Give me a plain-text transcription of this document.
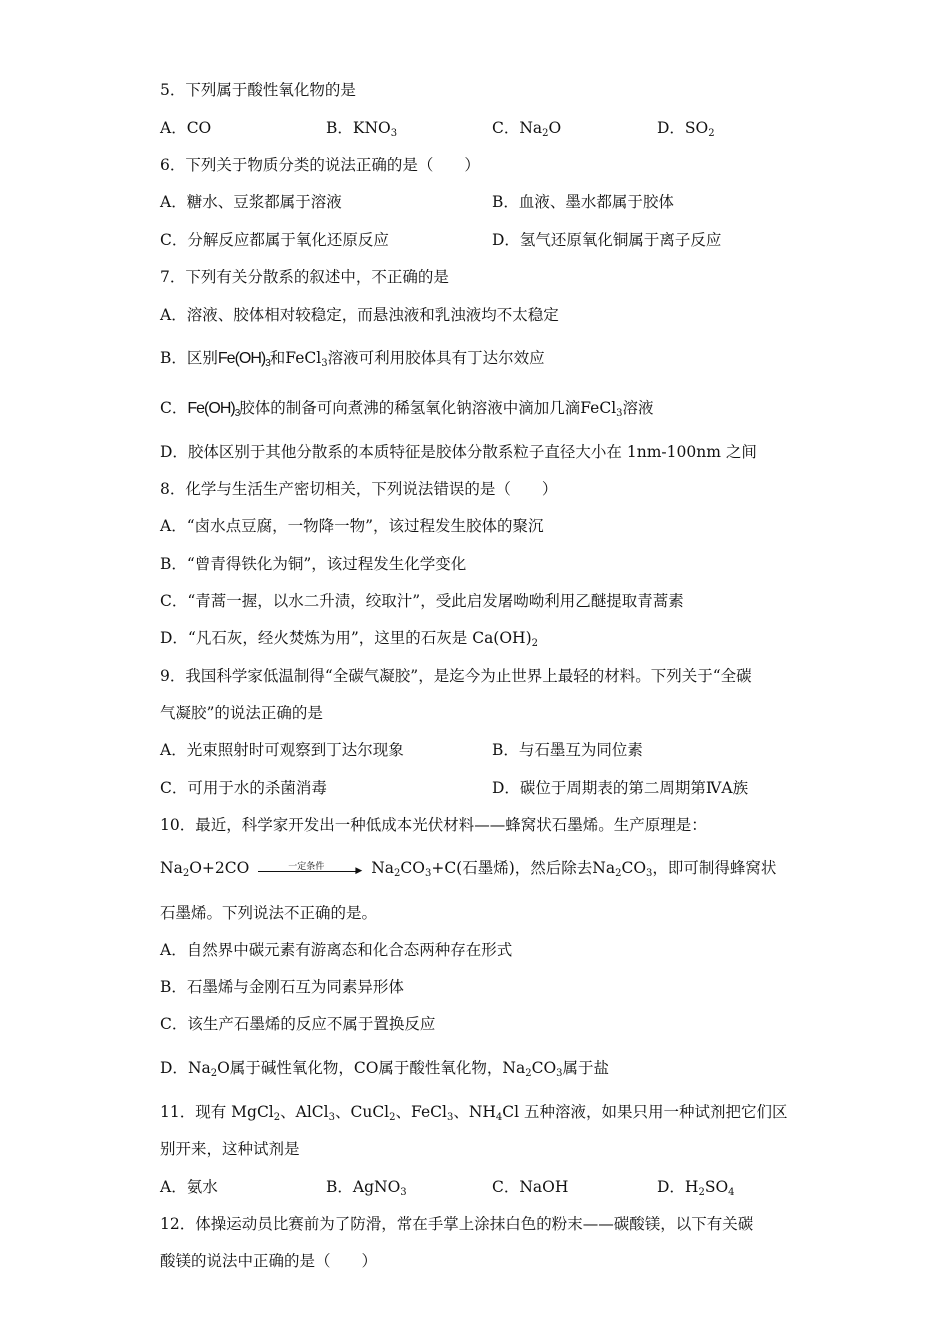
5．下列属于酸性氧化物的是
A．CO	B．$KNO_3$	C．$Na_2O$	D．$SO_2$
6．下列关于物质分类的说法正确的是（　　）
A．糖水、豆浆都属于溶液	B．血液、墨水都属于胶体
C．分解反应都属于氧化还原反应	D．氢气还原氧化铜属于离子反应
7．下列有关分散系的叙述中，不正确的是
A．溶液、胶体相对较稳定，而悬浊液和乳浊液均不太稳定
B．区别$Fe(OH)_3$和FeCl$_3$溶液可利用胶体具有丁达尔效应
C．$Fe(OH)_3$胶体的制备可向煮沸的稀氢氧化钠溶液中滴加几滴FeCl$_3$溶液
D．胶体区别于其他分散系的本质特征是胶体分散系粒子直径大小在 1nm-100nm 之间
8．化学与生活生产密切相关，下列说法错误的是（　　）
A．“卤水点豆腐，一物降一物”，该过程发生胶体的聚沉
B．“曾青得铁化为铜”，该过程发生化学变化
C．“青蒿一握，以水二升渍，绞取汁”，受此启发屠呦呦利用乙醚提取青蒿素
D．“凡石灰，经火焚炼为用”，这里的石灰是 $Ca(OH)_2$
9．我国科学家低温制得“全碳气凝胶”，是迄今为止世界上最轻的材料。下列关于“全碳
气凝胶”的说法正确的是
A．光束照射时可观察到丁达尔现象	B．与石墨互为同位素
C．可用于水的杀菌消毒	D．碳位于周期表的第二周期第ⅣA族
10．最近，科学家开发出一种低成本光伏材料——蜂窝状石墨烯。生产原理是：
$Na_2O+2CO$	一定条件	▶ $Na_2CO_3+C$(石墨烯)，然后除去$Na_2CO_3$，即可制得蜂窝状
石墨烯。下列说法不正确的是。
A．自然界中碳元素有游离态和化合态两种存在形式
B．石墨烯与金刚石互为同素异形体
C．该生产石墨烯的反应不属于置换反应
D．$Na_2O$属于碱性氧化物，CO属于酸性氧化物，$Na_2CO_3$属于盐
11．现有 MgCl$_2$、AlCl$_3$、CuCl$_2$、FeCl$_3$、$NH_4Cl$ 五种溶液，如果只用一种试剂把它们区
别开来，这种试剂是
A．氨水	B．AgNO$_3$	C．NaOH	D．$H_2SO_4$
12．体操运动员比赛前为了防滑，常在手掌上涂抹白色的粉末——碳酸镁，以下有关碳
酸镁的说法中正确的是（　　）
